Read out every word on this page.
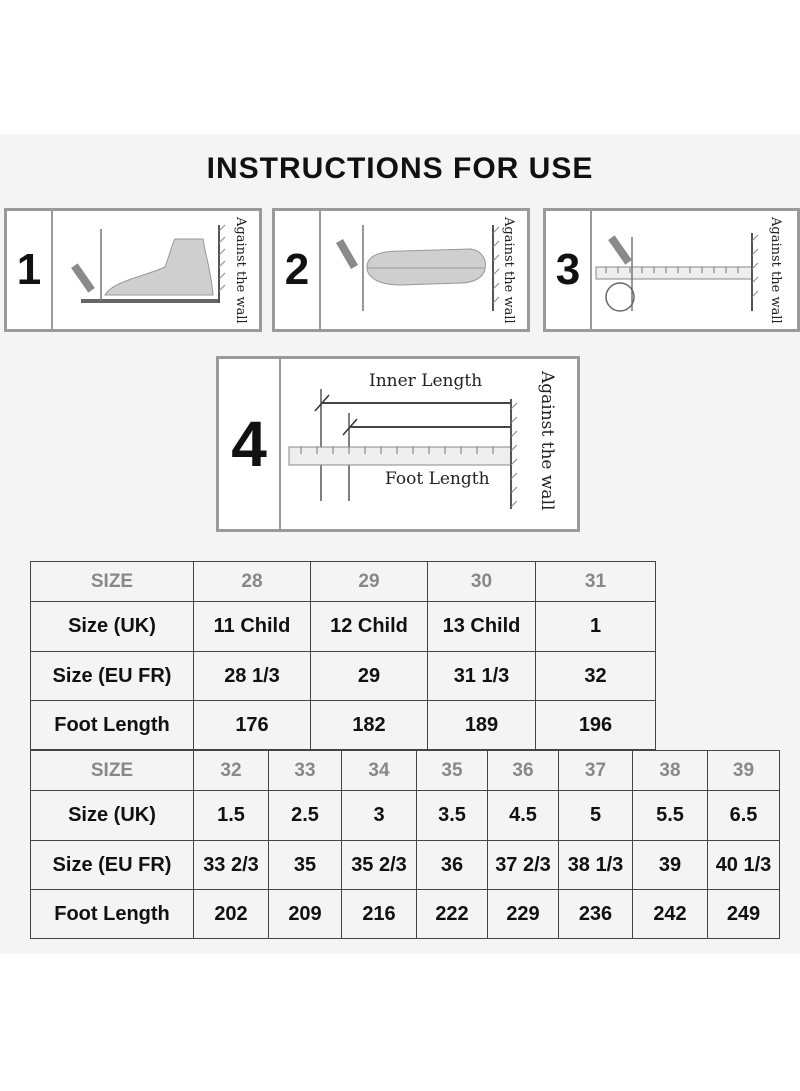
INSTRUCTIONS FOR USE
1	Against the wall 2	Against the wall 3	Against the wall
4
Inner Length
Foot Length	Against the wall
SIZE	28	29	30	31
Size (UK)	11 Child	12 Child	13 Child	1
Size (EU FR)	28 1/3	29	31 1/3	32
Foot Length	176	182	189	196
SIZE	32	33	34	35	36	37	38	39
Size (UK)	1.5	2.5	3	3.5	4.5	5	5.5	6.5
Size (EU FR)	33 2/3	35	35 2/3	36	37 2/3	38 1/3	39	40 1/3
Foot Length	202	209	216	222	229	236	242	249
